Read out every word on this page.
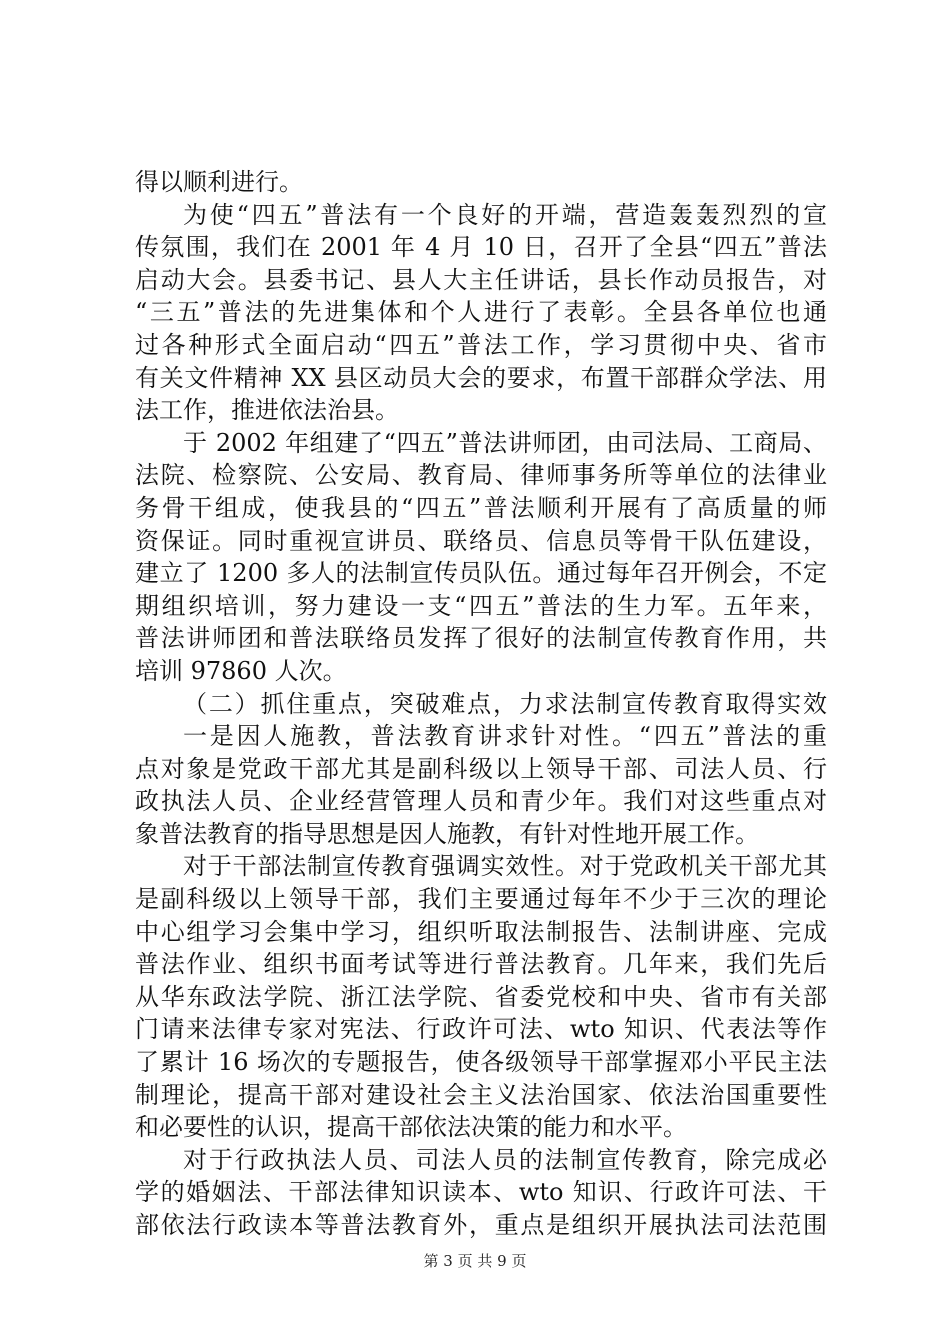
得以顺利进行。
为使“四五”普法有一个良好的开端，营造轰轰烈烈的宣
传氛围，我们在 2001 年 4 月 10 日，召开了全县“四五”普法
启动大会。县委书记、县人大主任讲话，县长作动员报告，对
“三五”普法的先进集体和个人进行了表彰。全县各单位也通
过各种形式全面启动“四五”普法工作，学习贯彻中央、省市
有关文件精神 XX 县区动员大会的要求，布置干部群众学法、用
法工作，推进依法治县。
于 2002 年组建了“四五”普法讲师团，由司法局、工商局、
法院、检察院、公安局、教育局、律师事务所等单位的法律业
务骨干组成，使我县的“四五”普法顺利开展有了高质量的师
资保证。同时重视宣讲员、联络员、信息员等骨干队伍建设，
建立了 1200 多人的法制宣传员队伍。通过每年召开例会，不定
期组织培训，努力建设一支“四五”普法的生力军。五年来，
普法讲师团和普法联络员发挥了很好的法制宣传教育作用，共
培训 97860 人次。
（二）抓住重点，突破难点，力求法制宣传教育取得实效
一是因人施教，普法教育讲求针对性。“四五”普法的重
点对象是党政干部尤其是副科级以上领导干部、司法人员、行
政执法人员、企业经营管理人员和青少年。我们对这些重点对
象普法教育的指导思想是因人施教，有针对性地开展工作。
对于干部法制宣传教育强调实效性。对于党政机关干部尤其
是副科级以上领导干部，我们主要通过每年不少于三次的理论
中心组学习会集中学习，组织听取法制报告、法制讲座、完成
普法作业、组织书面考试等进行普法教育。几年来，我们先后
从华东政法学院、浙江法学院、省委党校和中央、省市有关部
门请来法律专家对宪法、行政许可法、wto 知识、代表法等作
了累计 16 场次的专题报告，使各级领导干部掌握邓小平民主法
制理论，提高干部对建设社会主义法治国家、依法治国重要性
和必要性的认识，提高干部依法决策的能力和水平。
对于行政执法人员、司法人员的法制宣传教育，除完成必
学的婚姻法、干部法律知识读本、wto 知识、行政许可法、干
部依法行政读本等普法教育外，重点是组织开展执法司法范围
第 3 页 共 9 页
